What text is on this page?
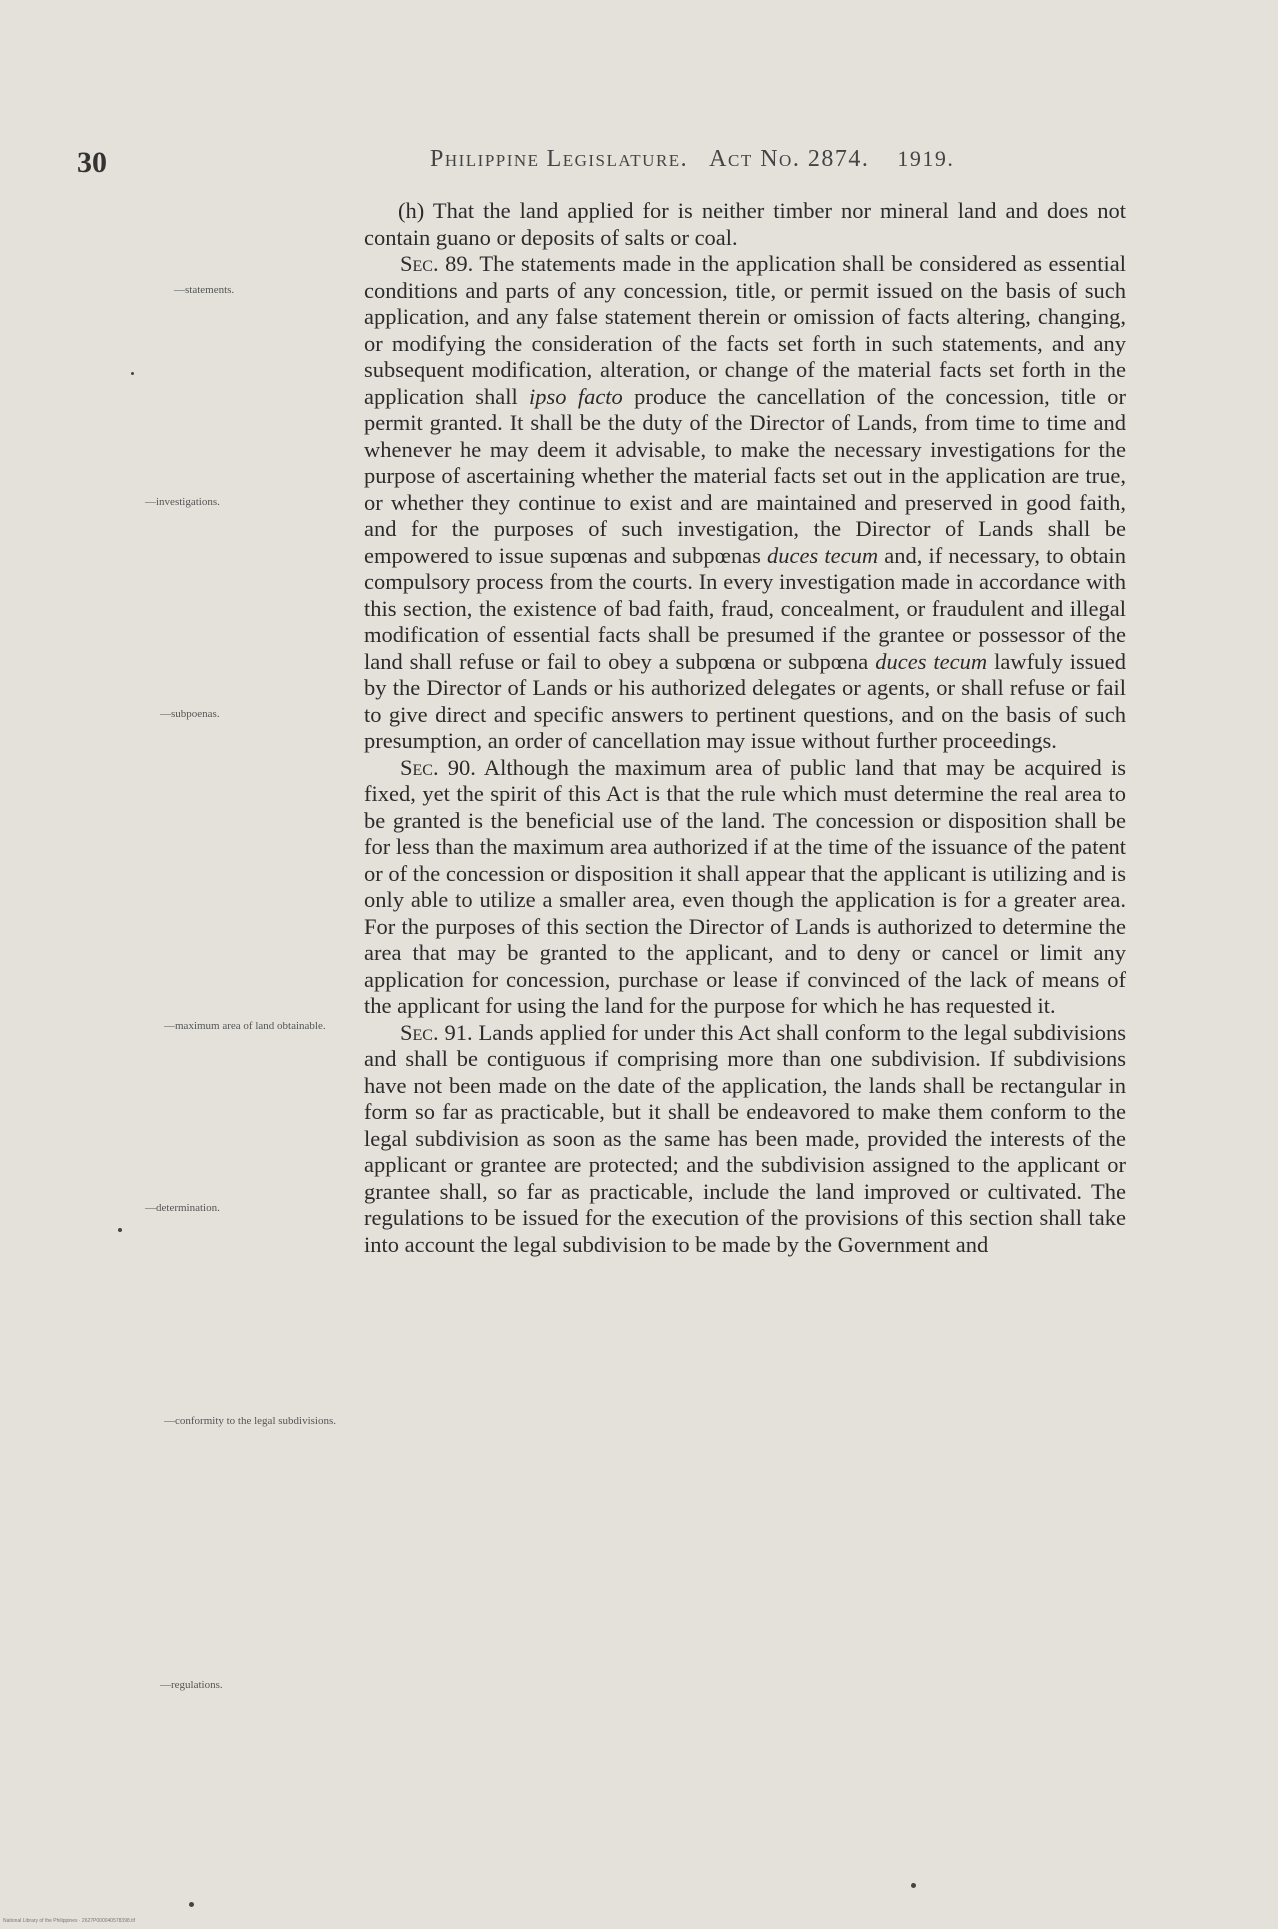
30	Philippine Legislature. Act No. 2874. 1919.
—statements.
—investigations.
—subpoenas.
—maximum area of land obtainable.
—determination.
—conformity to the legal subdivisions.
—regulations.

(h) That the land applied for is neither timber nor mineral land and does not contain guano or deposits of salts or coal.

Sec. 89. The statements made in the application shall be considered as essential conditions and parts of any concession, title, or permit issued on the basis of such application, and any false statement therein or omission of facts altering, changing, or modifying the consideration of the facts set forth in such statements, and any subsequent modification, alteration, or change of the material facts set forth in the application shall ipso facto produce the cancellation of the concession, title or permit granted. It shall be the duty of the Director of Lands, from time to time and whenever he may deem it advisable, to make the necessary investigations for the purpose of ascertaining whether the material facts set out in the application are true, or whether they continue to exist and are maintained and preserved in good faith, and for the purposes of such investigation, the Director of Lands shall be empowered to issue supœnas and subpœnas duces tecum and, if necessary, to obtain compulsory process from the courts. In every investigation made in accordance with this section, the existence of bad faith, fraud, concealment, or fraudulent and illegal modification of essential facts shall be presumed if the grantee or possessor of the land shall refuse or fail to obey a subpœna or subpœna duces tecum lawfuly issued by the Director of Lands or his authorized delegates or agents, or shall refuse or fail to give direct and specific answers to pertinent questions, and on the basis of such presumption, an order of cancellation may issue without further proceedings.

Sec. 90. Although the maximum area of public land that may be acquired is fixed, yet the spirit of this Act is that the rule which must determine the real area to be granted is the beneficial use of the land. The concession or disposition shall be for less than the maximum area authorized if at the time of the issuance of the patent or of the concession or disposition it shall appear that the applicant is utilizing and is only able to utilize a smaller area, even though the application is for a greater area. For the purposes of this section the Director of Lands is authorized to determine the area that may be granted to the applicant, and to deny or cancel or limit any application for concession, purchase or lease if convinced of the lack of means of the applicant for using the land for the purpose for which he has requested it.

Sec. 91. Lands applied for under this Act shall conform to the legal subdivisions and shall be contiguous if comprising more than one subdivision. If subdivisions have not been made on the date of the application, the lands shall be rectangular in form so far as practicable, but it shall be endeavored to make them conform to the legal subdivision as soon as the same has been made, provided the interests of the applicant or grantee are protected; and the subdivision assigned to the applicant or grantee shall, so far as practicable, include the land improved or cultivated. The regulations to be issued for the execution of the provisions of this section shall take into account the legal subdivision to be made by the Government and

National Library of the Philippines · 2627P000040578398.tif
